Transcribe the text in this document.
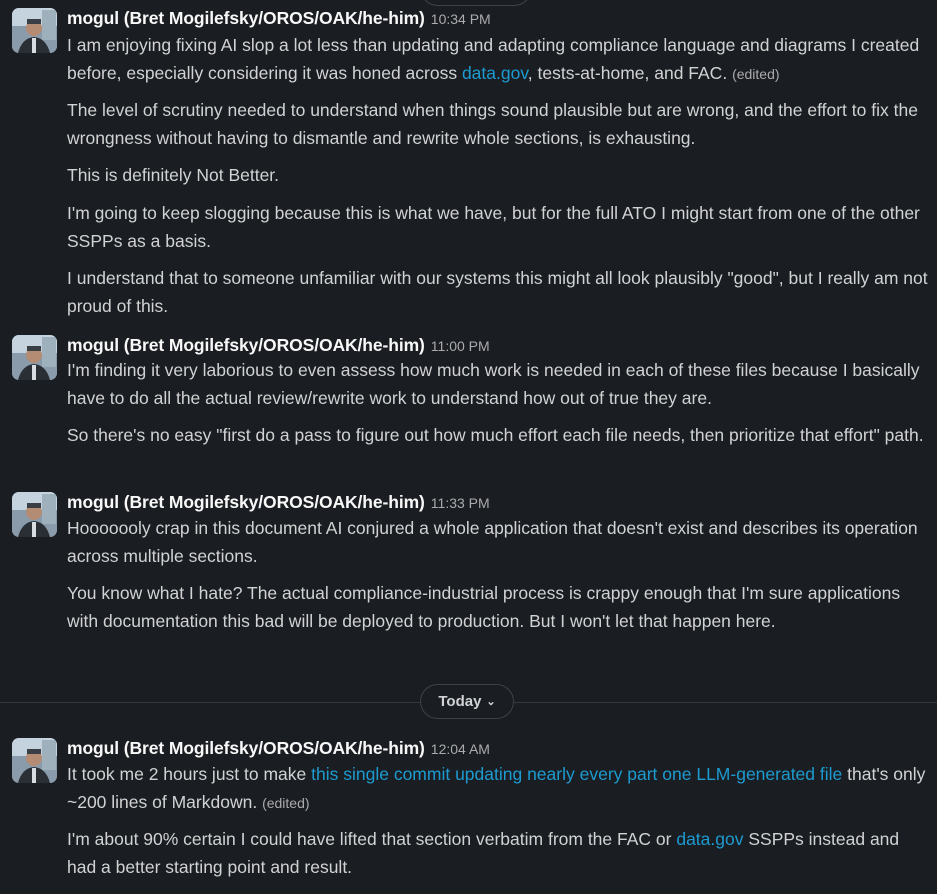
mogul (Bret Mogilefsky/OROS/OAK/he-him) 10:34 PM

I am enjoying fixing AI slop a lot less than updating and adapting compliance language and diagrams I created before, especially considering it was honed across data.gov, tests-at-home, and FAC. (edited)

The level of scrutiny needed to understand when things sound plausible but are wrong, and the effort to fix the wrongness without having to dismantle and rewrite whole sections, is exhausting.

This is definitely Not Better.

I'm going to keep slogging because this is what we have, but for the full ATO I might start from one of the other SSPPs as a basis.

I understand that to someone unfamiliar with our systems this might all look plausibly "good", but I really am not proud of this.

mogul (Bret Mogilefsky/OROS/OAK/he-him) 11:00 PM

I'm finding it very laborious to even assess how much work is needed in each of these files because I basically have to do all the actual review/rewrite work to understand how out of true they are.

So there's no easy "first do a pass to figure out how much effort each file needs, then prioritize that effort" path.

mogul (Bret Mogilefsky/OROS/OAK/he-him) 11:33 PM

Hooooooly crap in this document AI conjured a whole application that doesn't exist and describes its operation across multiple sections.

You know what I hate? The actual compliance-industrial process is crappy enough that I'm sure applications with documentation this bad will be deployed to production. But I won't let that happen here.

Today ⌄
mogul (Bret Mogilefsky/OROS/OAK/he-him) 12:04 AM

It took me 2 hours just to make this single commit updating nearly every part one LLM-generated file that's only ~200 lines of Markdown. (edited)

I'm about 90% certain I could have lifted that section verbatim from the FAC or data.gov SSPPs instead and had a better starting point and result.
